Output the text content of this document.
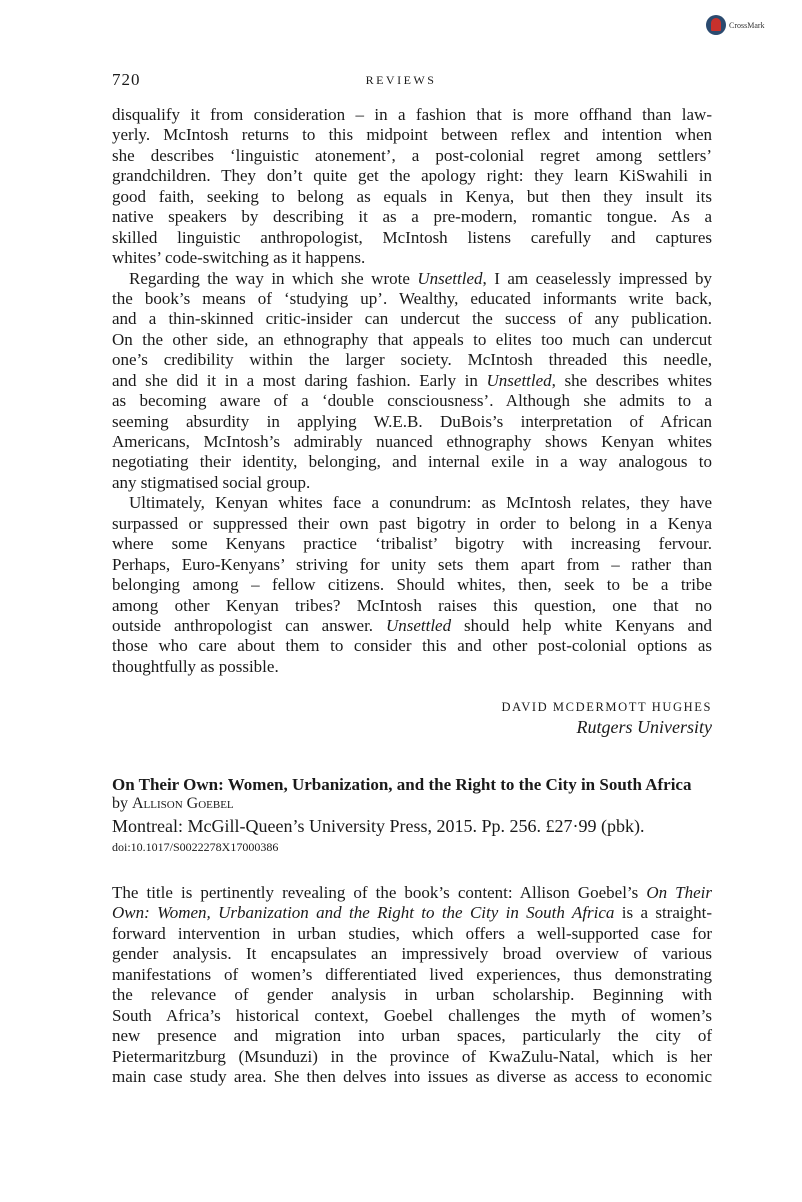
CrossMark
720	REVIEWS
disqualify it from consideration – in a fashion that is more offhand than law-
yerly. McIntosh returns to this midpoint between reflex and intention when
she describes ‘linguistic atonement’, a post-colonial regret among settlers’
grandchildren. They don’t quite get the apology right: they learn KiSwahili in
good faith, seeking to belong as equals in Kenya, but then they insult its
native speakers by describing it as a pre-modern, romantic tongue. As a
skilled linguistic anthropologist, McIntosh listens carefully and captures
whites’ code-switching as it happens.
Regarding the way in which she wrote Unsettled, I am ceaselessly impressed by
the book’s means of ‘studying up’. Wealthy, educated informants write back,
and a thin-skinned critic-insider can undercut the success of any publication.
On the other side, an ethnography that appeals to elites too much can undercut
one’s credibility within the larger society. McIntosh threaded this needle,
and she did it in a most daring fashion. Early in Unsettled, she describes whites
as becoming aware of a ‘double consciousness’. Although she admits to a
seeming absurdity in applying W.E.B. DuBois’s interpretation of African
Americans, McIntosh’s admirably nuanced ethnography shows Kenyan whites
negotiating their identity, belonging, and internal exile in a way analogous to
any stigmatised social group.
Ultimately, Kenyan whites face a conundrum: as McIntosh relates, they have
surpassed or suppressed their own past bigotry in order to belong in a Kenya
where some Kenyans practice ‘tribalist’ bigotry with increasing fervour.
Perhaps, Euro-Kenyans’ striving for unity sets them apart from – rather than
belonging among – fellow citizens. Should whites, then, seek to be a tribe
among other Kenyan tribes? McIntosh raises this question, one that no
outside anthropologist can answer. Unsettled should help white Kenyans and
those who care about them to consider this and other post-colonial options as
thoughtfully as possible.
DAVID MCDERMOTT HUGHES
Rutgers University
On Their Own: Women, Urbanization, and the Right to the City in South Africa
by Allison Goebel
Montreal: McGill-Queen’s University Press, 2015. Pp. 256. £27·99 (pbk).
doi:10.1017/S0022278X17000386
The title is pertinently revealing of the book’s content: Allison Goebel’s On Their
Own: Women, Urbanization and the Right to the City in South Africa is a straight-
forward intervention in urban studies, which offers a well-supported case for
gender analysis. It encapsulates an impressively broad overview of various
manifestations of women’s differentiated lived experiences, thus demonstrating
the relevance of gender analysis in urban scholarship. Beginning with
South Africa’s historical context, Goebel challenges the myth of women’s
new presence and migration into urban spaces, particularly the city of
Pietermaritzburg (Msunduzi) in the province of KwaZulu-Natal, which is her
main case study area. She then delves into issues as diverse as access to economic
